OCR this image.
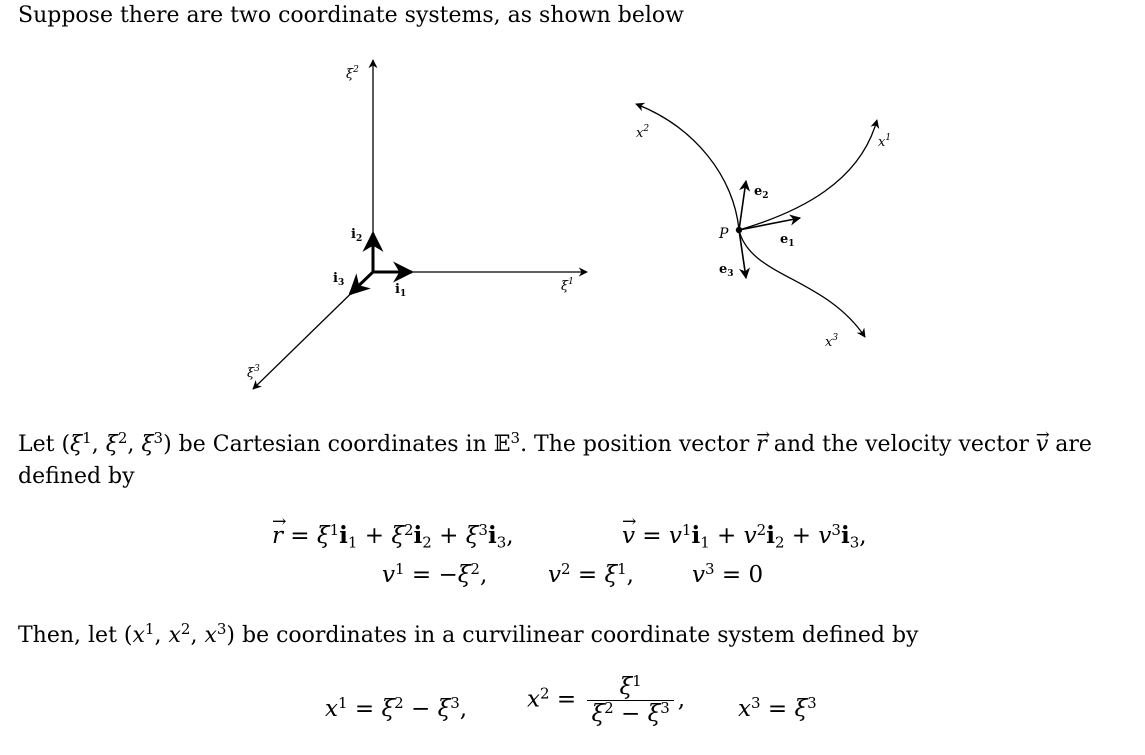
Suppose there are two coordinate systems, as shown below
$\xi^2$
$\xi^1$
$\xi^3$
$i_2$
$i_1$
$i_3$
P
$x^2$
$x^1$
$x^3$
$e_2$
$e_1$
$e_3$
Let ($\xi^1$, $\xi^2$, $\xi^3$) be Cartesian coordinates in 𝔼$^3$. The position vector r → and the velocity vector v → are defined by
r → = $\xi^1i_1 + \xi^2i_2 + \xi^3i_3$,	v → = $v^1i_1 + v^2i_2 + v^3i_3$,
$v^1 = -\xi^2$,	$v^2 = \xi^1$,	$v^3 = 0$
Then, let ($x^1$, $x^2$, $x^3$) be coordinates in a curvilinear coordinate system defined by
$x^1 = \xi^2 - \xi^3$,	$x^2 = \frac{\xi^1}{\xi^2 - \xi^3}$ , $x^3 = \xi^3$
